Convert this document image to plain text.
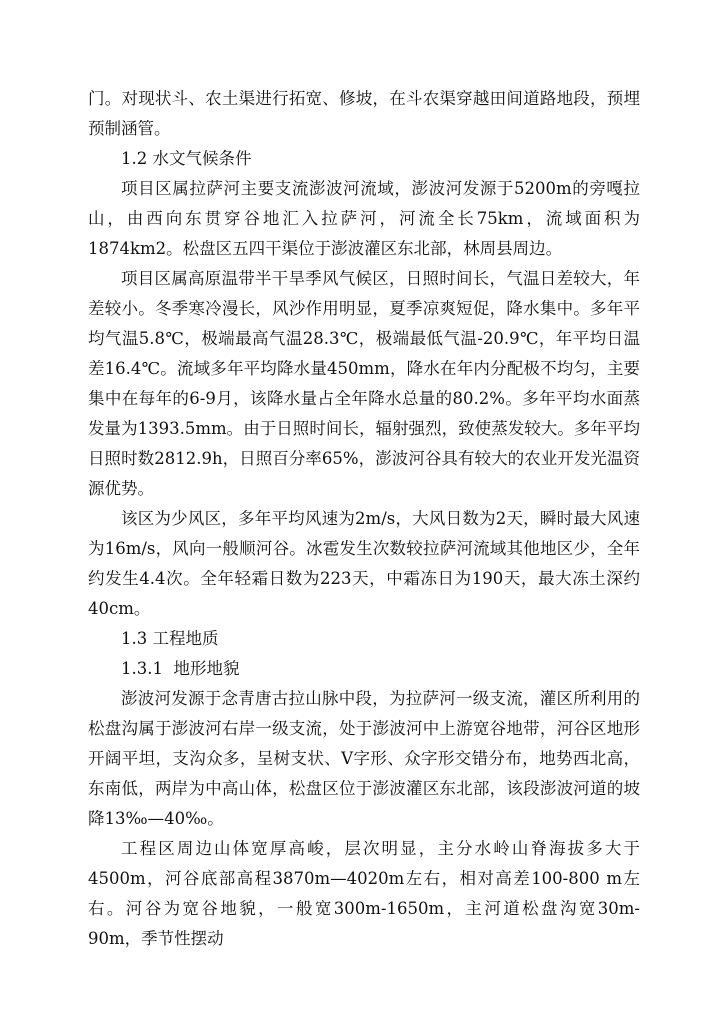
门。对现状斗、农土渠进行拓宽、修坡，在斗农渠穿越田间道路地段，预埋预制涵管。

1.2 水文气候条件

项目区属拉萨河主要支流澎波河流域，澎波河发源于5200m的旁嘎拉山，由西向东贯穿谷地汇入拉萨河，河流全长75km，流域面积为1874km2。松盘区五四干渠位于澎波灌区东北部，林周县周边。

项目区属高原温带半干旱季风气候区，日照时间长，气温日差较大，年差较小。冬季寒冷漫长，风沙作用明显，夏季凉爽短促，降水集中。多年平均气温5.8℃，极端最高气温28.3℃，极端最低气温-20.9℃，年平均日温差16.4℃。流域多年平均降水量450mm，降水在年内分配极不均匀，主要集中在每年的6-9月，该降水量占全年降水总量的80.2%。多年平均水面蒸发量为1393.5mm。由于日照时间长，辐射强烈，致使蒸发较大。多年平均日照时数2812.9h，日照百分率65%，澎波河谷具有较大的农业开发光温资源优势。

该区为少风区，多年平均风速为2m/s，大风日数为2天，瞬时最大风速为16m/s，风向一般顺河谷。冰雹发生次数较拉萨河流域其他地区少，全年约发生4.4次。全年轻霜日数为223天，中霜冻日为190天，最大冻土深约40cm。

1.3 工程地质

1.3.1  地形地貌

澎波河发源于念青唐古拉山脉中段，为拉萨河一级支流，灌区所利用的松盘沟属于澎波河右岸一级支流，处于澎波河中上游宽谷地带，河谷区地形开阔平坦，支沟众多，呈树支状、V字形、众字形交错分布，地势西北高，东南低，两岸为中高山体，松盘区位于澎波灌区东北部，该段澎波河道的坡降13‰—40‰。

工程区周边山体宽厚高峻，层次明显，主分水岭山脊海拔多大于4500m，河谷底部高程3870m—4020m左右，相对高差100-800 m左右。河谷为宽谷地貌，一般宽300m-1650m，主河道松盘沟宽30m-90m，季节性摆动
